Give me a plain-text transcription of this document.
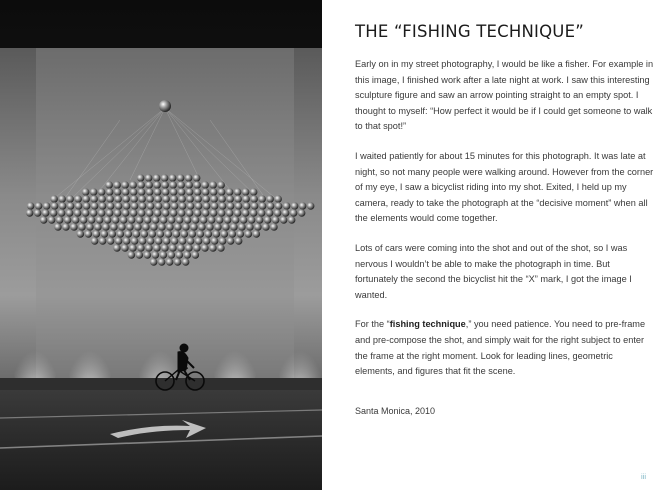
THE “FISHING TECHNIQUE”

Early on in my street photography, I would be like a fisher. For example in this image, I finished work after a late night at work. I saw this interesting sculpture figure and saw an arrow pointing straight to an empty spot. I thought to myself: “How perfect it would be if I could get someone to walk to that spot!”

I waited patiently for about 15 minutes for this photograph. It was late at night, so not many people were walking around. However from the corner of my eye, I saw a bicyclist riding into my shot. Exited, I held up my camera, ready to take the photograph at the “decisive moment” when all the elements would come together.

Lots of cars were coming into the shot and out of the shot, so I was nervous I wouldn’t be able to make the photograph in time. But fortunately the second the bicyclist hit the “X” mark, I got the image I wanted.

For the “fishing technique,” you need patience. You need to pre-frame and pre-compose the shot, and simply wait for the right subject to enter the frame at the right moment. Look for leading lines, geometric elements, and figures that fit the scene.

Santa Monica, 2010

iii
